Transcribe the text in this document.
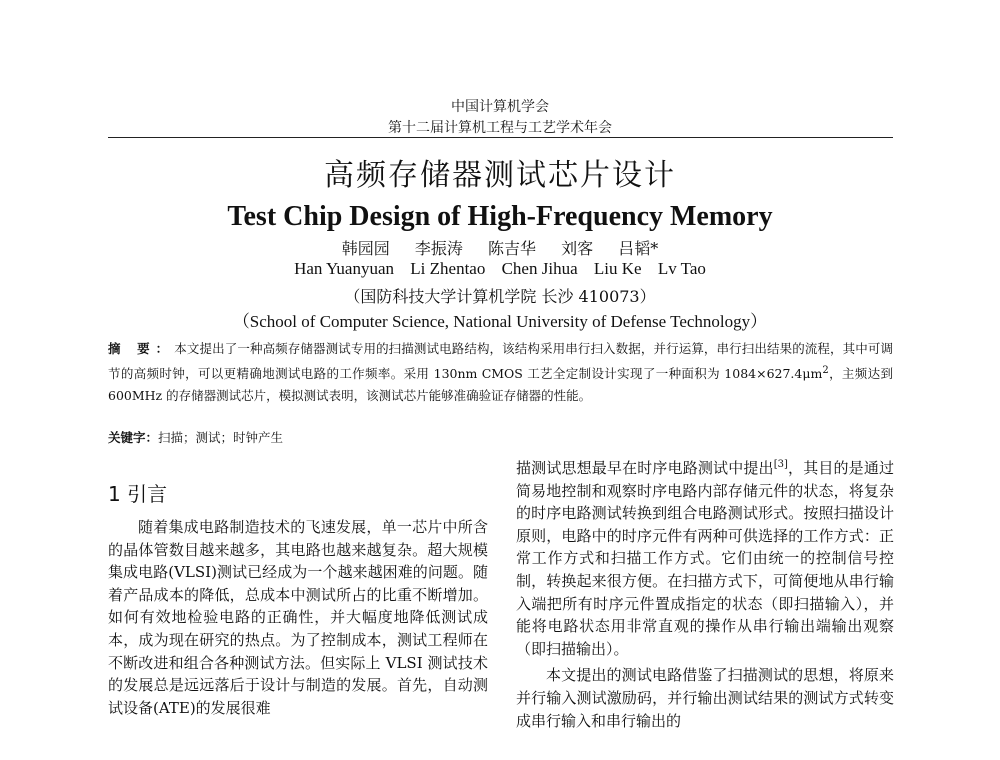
中国计算机学会
第十二届计算机工程与工艺学术年会
高频存储器测试芯片设计
Test Chip Design of High-Frequency Memory
韩园园 李振涛 陈吉华 刘客 吕韬*
Han Yuanyuan Li Zhentao Chen Jihua Liu Ke Lv Tao
（国防科技大学计算机学院 长沙 410073）
（School of Computer Science, National University of Defense Technology）
摘 要：本文提出了一种高频存储器测试专用的扫描测试电路结构，该结构采用串行扫入数据，并行运算，串行扫出结果的流程，其中可调节的高频时钟，可以更精确地测试电路的工作频率。采用 130nm CMOS 工艺全定制设计实现了一种面积为 $1084\times 627.4\mu m^2$，主频达到 600MHz 的存储器测试芯片，模拟测试表明，该测试芯片能够准确验证存储器的性能。
关键字：扫描；测试；时钟产生
1 引言

随着集成电路制造技术的飞速发展，单一芯片中所含的晶体管数目越来越多，其电路也越来越复杂。超大规模集成电路(VLSI)测试已经成为一个越来越困难的问题。随着产品成本的降低，总成本中测试所占的比重不断增加。如何有效地检验电路的正确性，并大幅度地降低测试成本，成为现在研究的热点。为了控制成本，测试工程师在不断改进和组合各种测试方法。但实际上 VLSI 测试技术的发展总是远远落后于设计与制造的发展。首先，自动测试设备(ATE)的发展很难

描测试思想最早在时序电路测试中提出[3]，其目的是通过简易地控制和观察时序电路内部存储元件的状态，将复杂的时序电路测试转换到组合电路测试形式。按照扫描设计原则，电路中的时序元件有两种可供选择的工作方式：正常工作方式和扫描工作方式。它们由统一的控制信号控制，转换起来很方便。在扫描方式下，可简便地从串行输入端把所有时序元件置成指定的状态（即扫描输入），并能将电路状态用非常直观的操作从串行输出端输出观察（即扫描输出）。

本文提出的测试电路借鉴了扫描测试的思想，将原来并行输入测试激励码，并行输出测试结果的测试方式转变成串行输入和串行输出的
